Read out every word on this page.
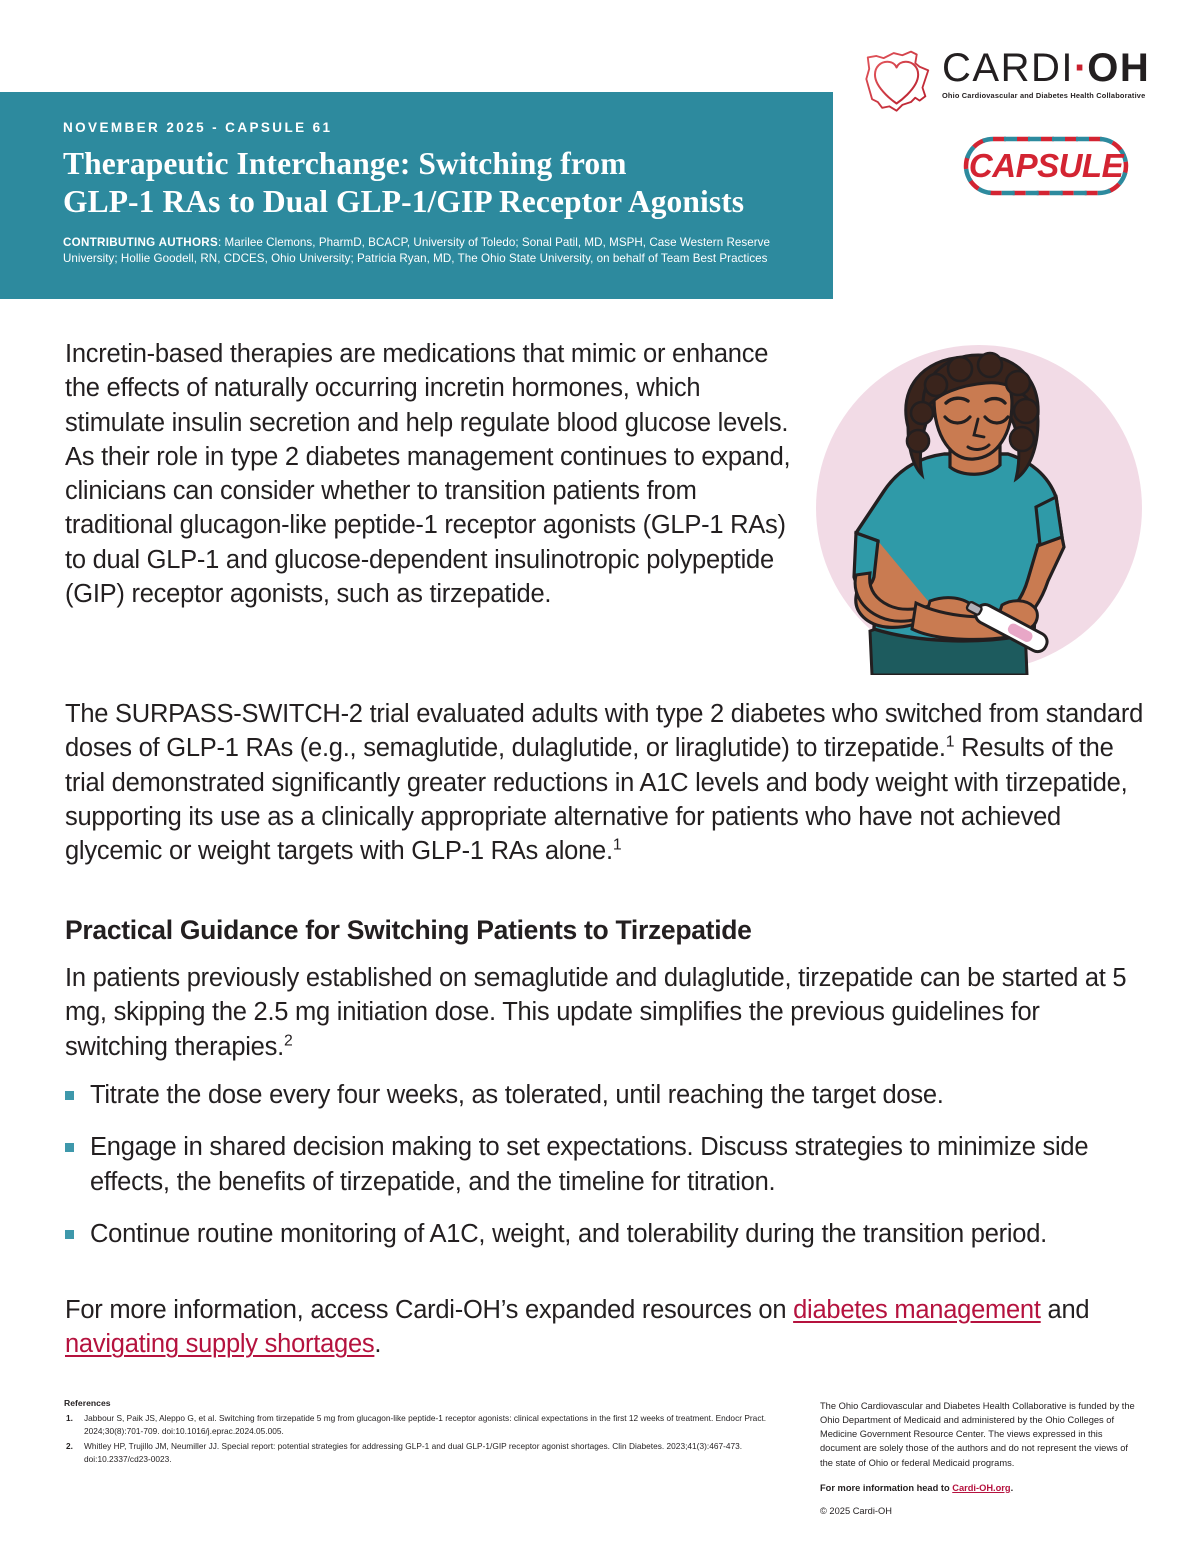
CARDI·OH
Ohio Cardiovascular and Diabetes Health Collaborative
CAPSULE
NOVEMBER 2025 - CAPSULE 61
Therapeutic Interchange: Switching from
GLP-1 RAs to Dual GLP-1/GIP Receptor Agonists
CONTRIBUTING AUTHORS: Marilee Clemons, PharmD, BCACP, University of Toledo; Sonal Patil, MD, MSPH, Case Western Reserve University; Hollie Goodell, RN, CDCES, Ohio University; Patricia Ryan, MD, The Ohio State University, on behalf of Team Best Practices

Incretin-based therapies are medications that mimic or enhance the effects of naturally occurring incretin hormones, which stimulate insulin secretion and help regulate blood glucose levels. As their role in type 2 diabetes management continues to expand, clinicians can consider whether to transition patients from traditional glucagon-like peptide-1 receptor agonists (GLP-1 RAs) to dual GLP-1 and glucose-dependent insulinotropic polypeptide (GIP) receptor agonists, such as tirzepatide.

The SURPASS-SWITCH-2 trial evaluated adults with type 2 diabetes who switched from standard doses of GLP-1 RAs (e.g., semaglutide, dulaglutide, or liraglutide) to tirzepatide.$^1$ Results of the trial demonstrated significantly greater reductions in A1C levels and body weight with tirzepatide, supporting its use as a clinically appropriate alternative for patients who have not achieved glycemic or weight targets with GLP-1 RAs alone.$^1$

Practical Guidance for Switching Patients to Tirzepatide

In patients previously established on semaglutide and dulaglutide, tirzepatide can be started at 5 mg, skipping the 2.5 mg initiation dose. This update simplifies the previous guidelines for switching therapies.$^2$

Titrate the dose every four weeks, as tolerated, until reaching the target dose.
Engage in shared decision making to set expectations. Discuss strategies to minimize side effects, the benefits of tirzepatide, and the timeline for titration.
Continue routine monitoring of A1C, weight, and tolerability during the transition period.

For more information, access Cardi-OH’s expanded resources on diabetes management and navigating supply shortages.

References
Jabbour S, Paik JS, Aleppo G, et al. Switching from tirzepatide 5 mg from glucagon-like peptide-1 receptor agonists: clinical expectations in the first 12 weeks of treatment. Endocr Pract. 2024;30(8):701-709. doi:10.1016/j.eprac.2024.05.005.
Whitley HP, Trujillo JM, Neumiller JJ. Special report: potential strategies for addressing GLP-1 and dual GLP-1/GIP receptor agonist shortages. Clin Diabetes. 2023;41(3):467-473. doi:10.2337/cd23-0023.
The Ohio Cardiovascular and Diabetes Health Collaborative is funded by the Ohio Department of Medicaid and administered by the Ohio Colleges of Medicine Government Resource Center. The views expressed in this document are solely those of the authors and do not represent the views of the state of Ohio or federal Medicaid programs.
For more information head to Cardi-OH.org.
© 2025 Cardi-OH
